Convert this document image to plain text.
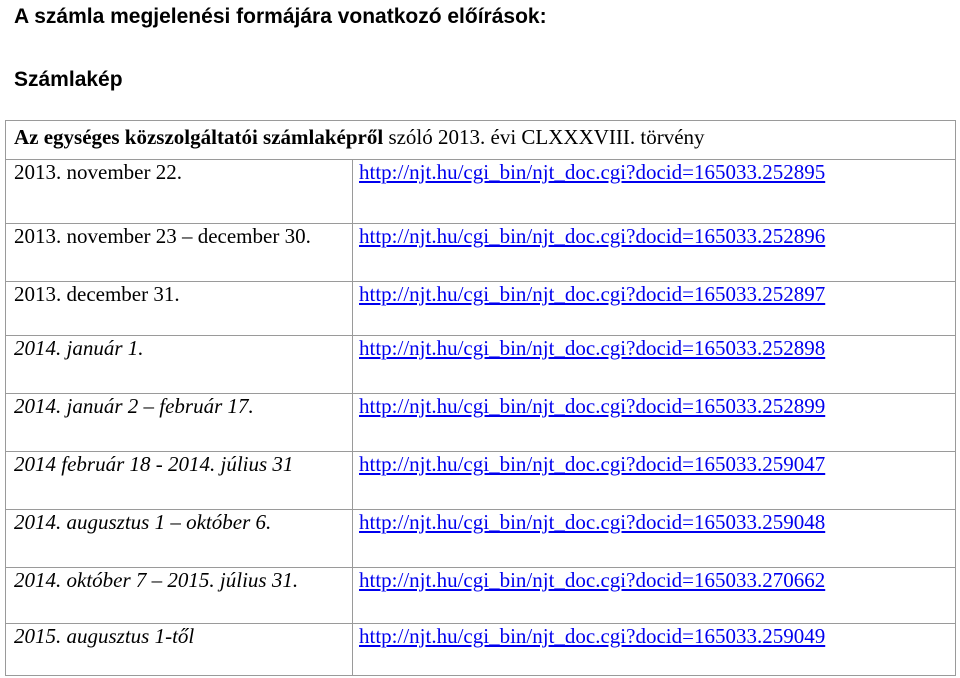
A számla megjelenési formájára vonatkozó előírások:
Számlakép
Az egységes közszolgáltatói számlaképről szóló 2013. évi CLXXXVIII. törvény	
2013. november 22.	http://njt.hu/cgi_bin/njt_doc.cgi?docid=165033.252895
2013. november 23 – december 30.	http://njt.hu/cgi_bin/njt_doc.cgi?docid=165033.252896
2013. december 31.	http://njt.hu/cgi_bin/njt_doc.cgi?docid=165033.252897
2014. január 1.	http://njt.hu/cgi_bin/njt_doc.cgi?docid=165033.252898
2014. január 2 – február 17.	http://njt.hu/cgi_bin/njt_doc.cgi?docid=165033.252899
2014 február 18 - 2014. július 31	http://njt.hu/cgi_bin/njt_doc.cgi?docid=165033.259047
2014. augusztus 1 – október 6.	http://njt.hu/cgi_bin/njt_doc.cgi?docid=165033.259048
2014. október 7 – 2015. július 31.	http://njt.hu/cgi_bin/njt_doc.cgi?docid=165033.270662
2015. augusztus 1-től	http://njt.hu/cgi_bin/njt_doc.cgi?docid=165033.259049
